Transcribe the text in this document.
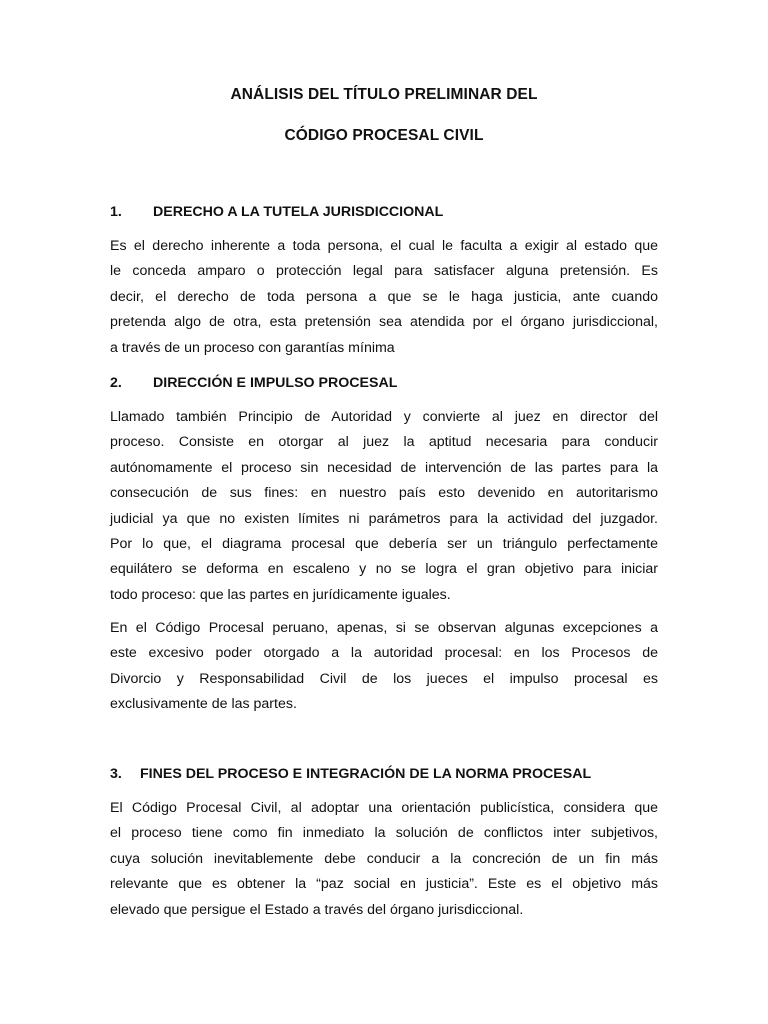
ANÁLISIS DEL TÍTULO PRELIMINAR DEL
CÓDIGO PROCESAL CIVIL
1. DERECHO A LA TUTELA JURISDICCIONAL
Es el derecho inherente a toda persona, el cual le faculta a exigir al estado que
le conceda amparo o protección legal para satisfacer alguna pretensión. Es
decir, el derecho de toda persona a que se le haga justicia, ante cuando
pretenda algo de otra, esta pretensión sea atendida por el órgano jurisdiccional,
a través de un proceso con garantías mínima
2. DIRECCIÓN E IMPULSO PROCESAL
Llamado también Principio de Autoridad y convierte al juez en director del
proceso. Consiste en otorgar al juez la aptitud necesaria para conducir
autónomamente el proceso sin necesidad de intervención de las partes para la
consecución de sus fines: en nuestro país esto devenido en autoritarismo
judicial ya que no existen límites ni parámetros para la actividad del juzgador.
Por lo que, el diagrama procesal que debería ser un triángulo perfectamente
equilátero se deforma en escaleno y no se logra el gran objetivo para iniciar
todo proceso: que las partes en jurídicamente iguales.
En el Código Procesal peruano, apenas, si se observan algunas excepciones a
este excesivo poder otorgado a la autoridad procesal: en los Procesos de
Divorcio y Responsabilidad Civil de los jueces el impulso procesal es
exclusivamente de las partes.
3. FINES DEL PROCESO E INTEGRACIÓN DE LA NORMA PROCESAL
El Código Procesal Civil, al adoptar una orientación publicística, considera que
el proceso tiene como fin inmediato la solución de conflictos inter subjetivos,
cuya solución inevitablemente debe conducir a la concreción de un fin más
relevante que es obtener la “paz social en justicia”. Este es el objetivo más
elevado que persigue el Estado a través del órgano jurisdiccional.
